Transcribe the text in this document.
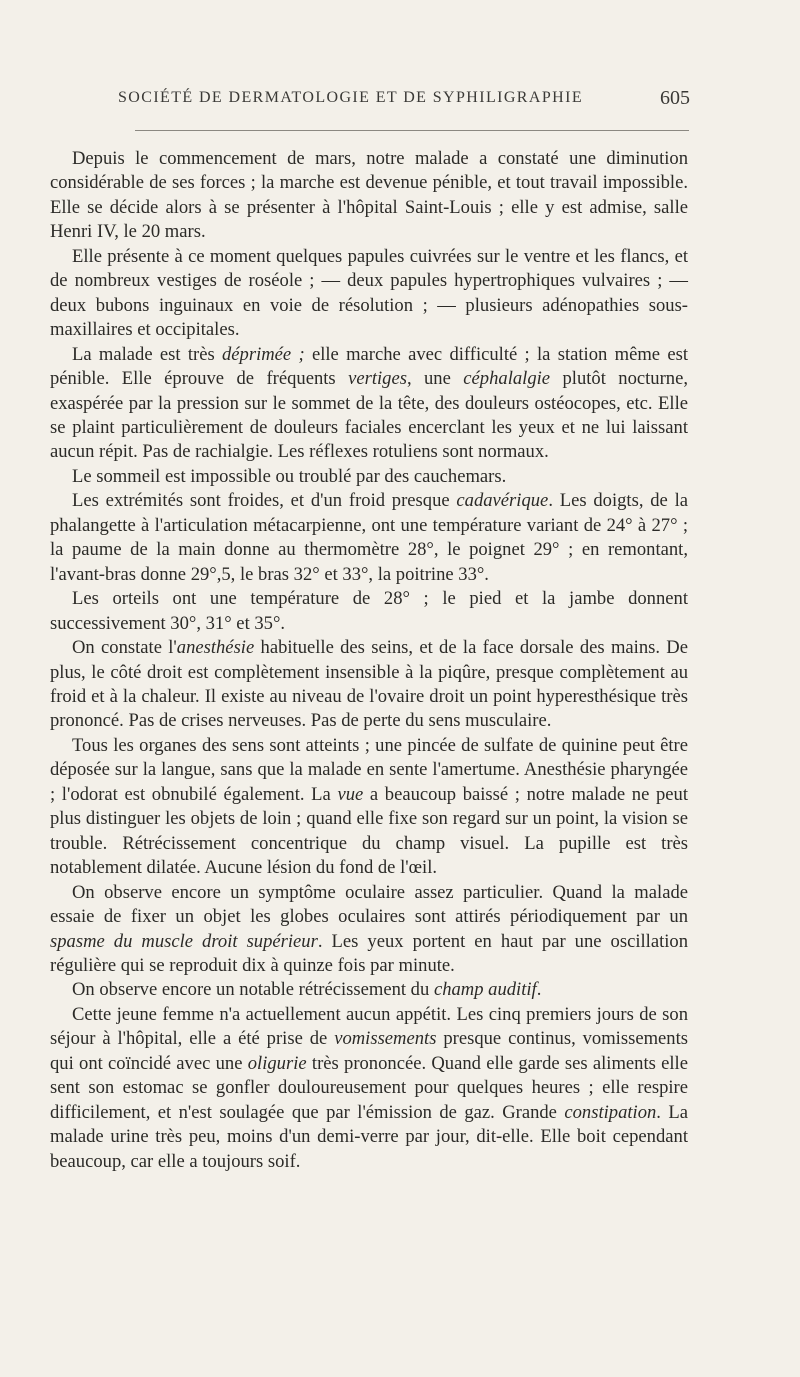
SOCIÉTÉ DE DERMATOLOGIE ET DE SYPHILIGRAPHIE	605

Depuis le commencement de mars, notre malade a constaté une diminution considérable de ses forces ; la marche est devenue pénible, et tout travail impossible. Elle se décide alors à se présenter à l'hôpital Saint-Louis ; elle y est admise, salle Henri IV, le 20 mars.

Elle présente à ce moment quelques papules cuivrées sur le ventre et les flancs, et de nombreux vestiges de roséole ; — deux papules hypertrophiques vulvaires ; — deux bubons inguinaux en voie de résolution ; — plusieurs adénopathies sous-maxillaires et occipitales.

La malade est très déprimée ; elle marche avec difficulté ; la station même est pénible. Elle éprouve de fréquents vertiges, une céphalalgie plutôt nocturne, exaspérée par la pression sur le sommet de la tête, des douleurs ostéocopes, etc. Elle se plaint particulièrement de douleurs faciales encerclant les yeux et ne lui laissant aucun répit. Pas de rachialgie. Les réflexes rotuliens sont normaux.

Le sommeil est impossible ou troublé par des cauchemars.

Les extrémités sont froides, et d'un froid presque cadavérique. Les doigts, de la phalangette à l'articulation métacarpienne, ont une température variant de 24° à 27° ; la paume de la main donne au thermomètre 28°, le poignet 29° ; en remontant, l'avant-bras donne 29°,5, le bras 32° et 33°, la poitrine 33°.

Les orteils ont une température de 28° ; le pied et la jambe donnent successivement 30°, 31° et 35°.

On constate l'anesthésie habituelle des seins, et de la face dorsale des mains. De plus, le côté droit est complètement insensible à la piqûre, presque complètement au froid et à la chaleur. Il existe au niveau de l'ovaire droit un point hyperesthésique très prononcé. Pas de crises nerveuses. Pas de perte du sens musculaire.

Tous les organes des sens sont atteints ; une pincée de sulfate de quinine peut être déposée sur la langue, sans que la malade en sente l'amertume. Anesthésie pharyngée ; l'odorat est obnubilé également. La vue a beaucoup baissé ; notre malade ne peut plus distinguer les objets de loin ; quand elle fixe son regard sur un point, la vision se trouble. Rétrécissement concentrique du champ visuel. La pupille est très notablement dilatée. Aucune lésion du fond de l'œil.

On observe encore un symptôme oculaire assez particulier. Quand la malade essaie de fixer un objet les globes oculaires sont attirés périodiquement par un spasme du muscle droit supérieur. Les yeux portent en haut par une oscillation régulière qui se reproduit dix à quinze fois par minute.

On observe encore un notable rétrécissement du champ auditif.

Cette jeune femme n'a actuellement aucun appétit. Les cinq premiers jours de son séjour à l'hôpital, elle a été prise de vomissements presque continus, vomissements qui ont coïncidé avec une oligurie très prononcée. Quand elle garde ses aliments elle sent son estomac se gonfler douloureusement pour quelques heures ; elle respire difficilement, et n'est soulagée que par l'émission de gaz. Grande constipation. La malade urine très peu, moins d'un demi-verre par jour, dit-elle. Elle boit cependant beaucoup, car elle a toujours soif.
